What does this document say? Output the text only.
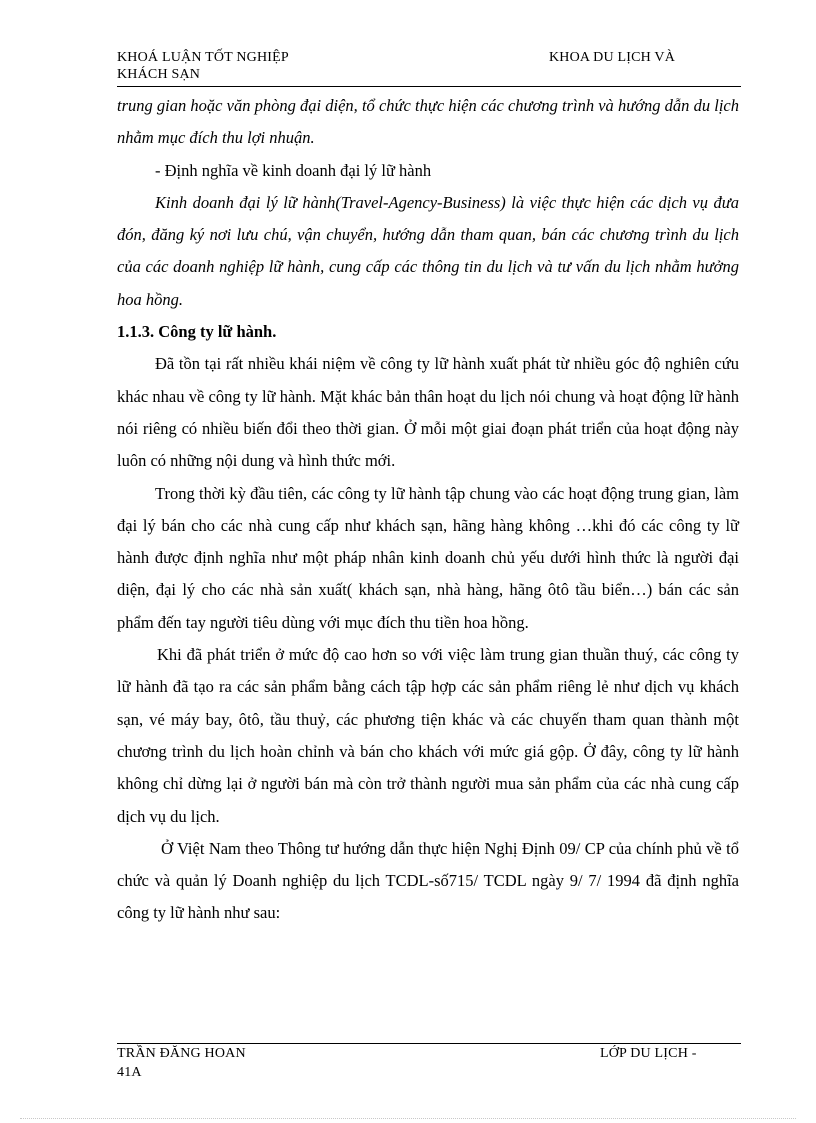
KHOÁ LUẬN TỐT NGHIỆP	KHOA DU LỊCH VÀ
KHÁCH SẠN

trung gian hoặc văn phòng đại diện, tổ chức thực hiện các chương trình và hướng dẫn du lịch nhằm mục đích thu lợi nhuận.

- Định nghĩa về kinh doanh đại lý lữ hành

Kinh doanh đại lý lữ hành(Travel-Agency-Business) là việc thực hiện các dịch vụ đưa đón, đăng ký nơi lưu chú, vận chuyển, hướng dẫn tham quan, bán các chương trình du lịch của các doanh nghiệp lữ hành, cung cấp các thông tin du lịch và tư vấn du lịch nhằm hưởng hoa hồng.

1.1.3. Công ty lữ hành.

Đã tồn tại rất nhiều khái niệm về công ty lữ hành xuất phát từ nhiều góc độ nghiên cứu khác nhau về công ty lữ hành. Mặt khác bản thân hoạt du lịch nói chung và hoạt động lữ hành nói riêng có nhiều biến đổi theo thời gian. Ở mỗi một giai đoạn phát triển của hoạt động này luôn có những nội dung và hình thức mới.

Trong thời kỳ đầu tiên, các công ty lữ hành tập chung vào các hoạt động trung gian, làm đại lý bán cho các nhà cung cấp như khách sạn, hãng hàng không …khi đó các công ty lữ hành được định nghĩa như một pháp nhân kinh doanh chủ yếu dưới hình thức là người đại diện, đại lý cho các nhà sản xuất( khách sạn, nhà hàng, hãng ôtô tầu biển…) bán các sản phẩm đến tay người tiêu dùng với mục đích thu tiền hoa hồng.

Khi đã phát triển ở mức độ cao hơn so với việc làm trung gian thuần thuý, các công ty lữ hành đã tạo ra các sản phẩm bằng cách tập hợp các sản phẩm riêng lẻ như dịch vụ khách sạn, vé máy bay, ôtô, tầu thuỷ, các phương tiện khác và các chuyến tham quan thành một chương trình du lịch hoàn chỉnh và bán cho khách với mức giá gộp. Ở đây, công ty lữ hành không chỉ dừng lại ở người bán mà còn trở thành người mua sản phẩm của các nhà cung cấp dịch vụ du lịch.

Ở Việt Nam theo Thông tư hướng dẫn thực hiện Nghị Định 09/ CP của chính phủ về tổ chức và quản lý Doanh nghiệp du lịch TCDL-số715/ TCDL ngày 9/ 7/ 1994 đã định nghĩa công ty lữ hành như sau:

TRẦN ĐĂNG HOAN	LỚP DU LỊCH -
41A
